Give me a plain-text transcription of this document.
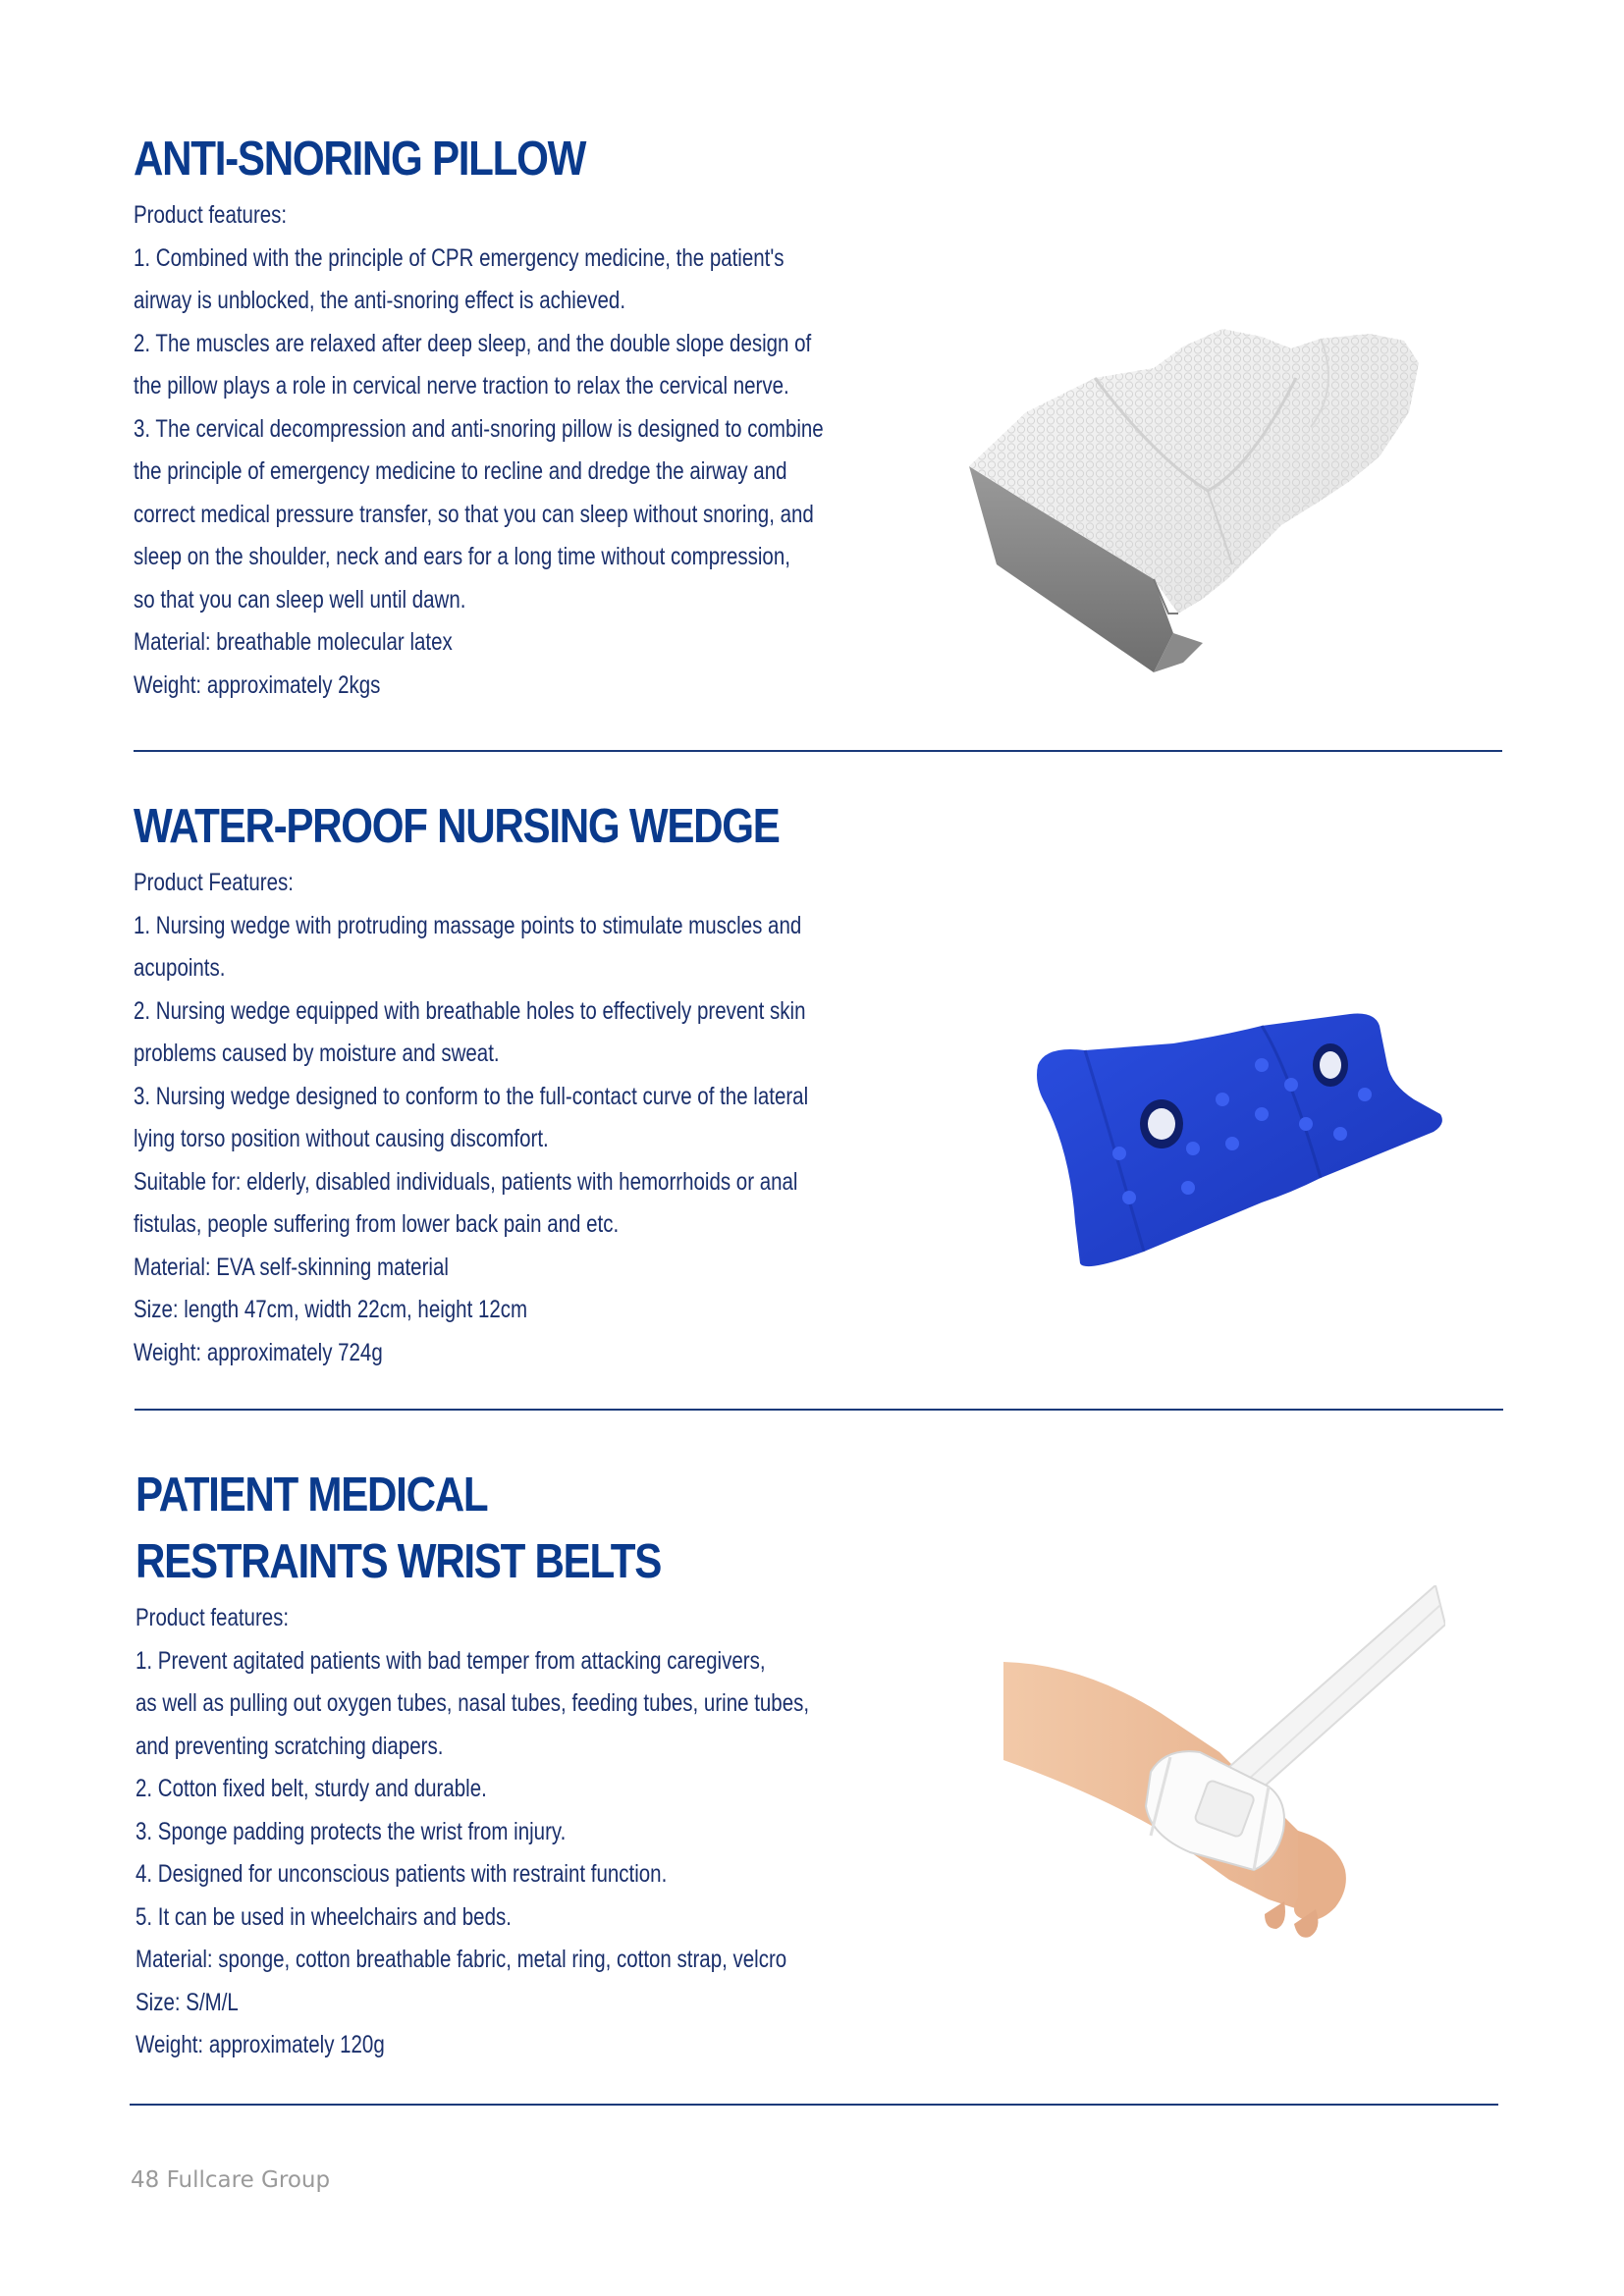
ANTI-SNORING PILLOW
Product features:
1. Combined with the principle of CPR emergency medicine, the patient's
airway is unblocked, the anti-snoring effect is achieved.
2. The muscles are relaxed after deep sleep, and the double slope design of
the pillow plays a role in cervical nerve traction to relax the cervical nerve.
3. The cervical decompression and anti-snoring pillow is designed to combine
the principle of emergency medicine to recline and dredge the airway and
correct medical pressure transfer, so that you can sleep without snoring, and
sleep on the shoulder, neck and ears for a long time without compression,
so that you can sleep well until dawn.
Material: breathable molecular latex
Weight: approximately 2kgs
WATER-PROOF NURSING WEDGE
Product Features:
1. Nursing wedge with protruding massage points to stimulate muscles and
acupoints.
2. Nursing wedge equipped with breathable holes to effectively prevent skin
problems caused by moisture and sweat.
3. Nursing wedge designed to conform to the full-contact curve of the lateral
lying torso position without causing discomfort.
Suitable for: elderly, disabled individuals, patients with hemorrhoids or anal
fistulas, people suffering from lower back pain and etc.
Material: EVA self-skinning material
Size: length 47cm, width 22cm, height 12cm
Weight: approximately 724g
PATIENT MEDICAL
RESTRAINTS WRIST BELTS
Product features:
1. Prevent agitated patients with bad temper from attacking caregivers,
as well as pulling out oxygen tubes, nasal tubes, feeding tubes, urine tubes,
and preventing scratching diapers.
2. Cotton fixed belt, sturdy and durable.
3. Sponge padding protects the wrist from injury.
4. Designed for unconscious patients with restraint function.
5. It can be used in wheelchairs and beds.
Material: sponge, cotton breathable fabric, metal ring, cotton strap, velcro
Size: S/M/L
Weight: approximately 120g
48 Fullcare Group
